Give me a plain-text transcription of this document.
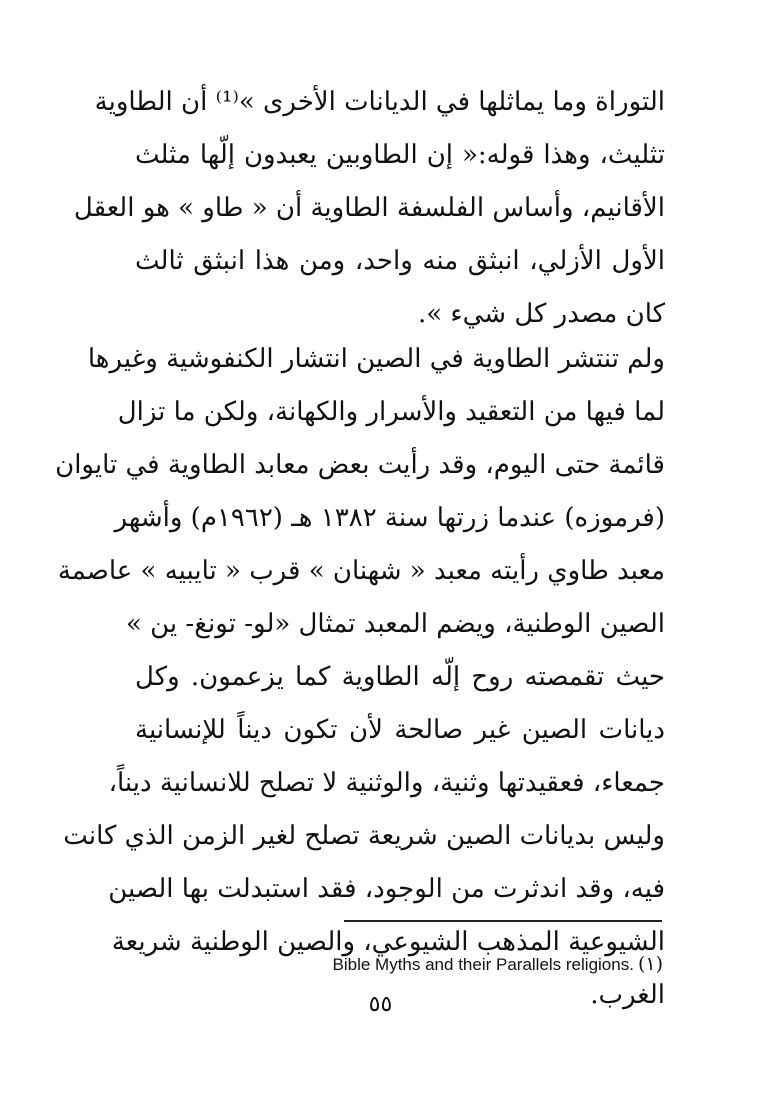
التوراة وما يماثلها في الديانات الأخرى »⁽¹⁾ أن الطاوية
تثليث، وهذا قوله:« إن الطاوبين يعبدون إلّها مثلث
الأقانيم، وأساس الفلسفة الطاوية أن « طاو » هو العقل
الأول الأزلي، انبثق منه واحد، ومن هذا انبثق ثالث
كان مصدر كل شيء ».
ولم تنتشر الطاوية في الصين انتشار الكنفوشية وغيرها
لما فيها من التعقيد والأسرار والكهانة، ولكن ما تزال
قائمة حتى اليوم، وقد رأيت بعض معابد الطاوية في تايوان
(فرموزه) عندما زرتها سنة ١٣٨٢ هـ (١٩٦٢م) وأشهر
معبد طاوي رأيته معبد « شهنان » قرب « تايبيه » عاصمة
الصين الوطنية، ويضم المعبد تمثال «لو- تونغ- ين »
حيث تقمصته روح إلّه الطاوية كما يزعمون. وكل
ديانات الصين غير صالحة لأن تكون ديناً للإنسانية
جمعاء، فعقيدتها وثنية، والوثنية لا تصلح للانسانية ديناً،
وليس بديانات الصين شريعة تصلح لغير الزمن الذي كانت
فيه، وقد اندثرت من الوجود، فقد استبدلت بها الصين
الشيوعية المذهب الشيوعي، والصين الوطنية شريعة
الغرب.
(١)Bible Myths and their Parallels religions.
٥٥
